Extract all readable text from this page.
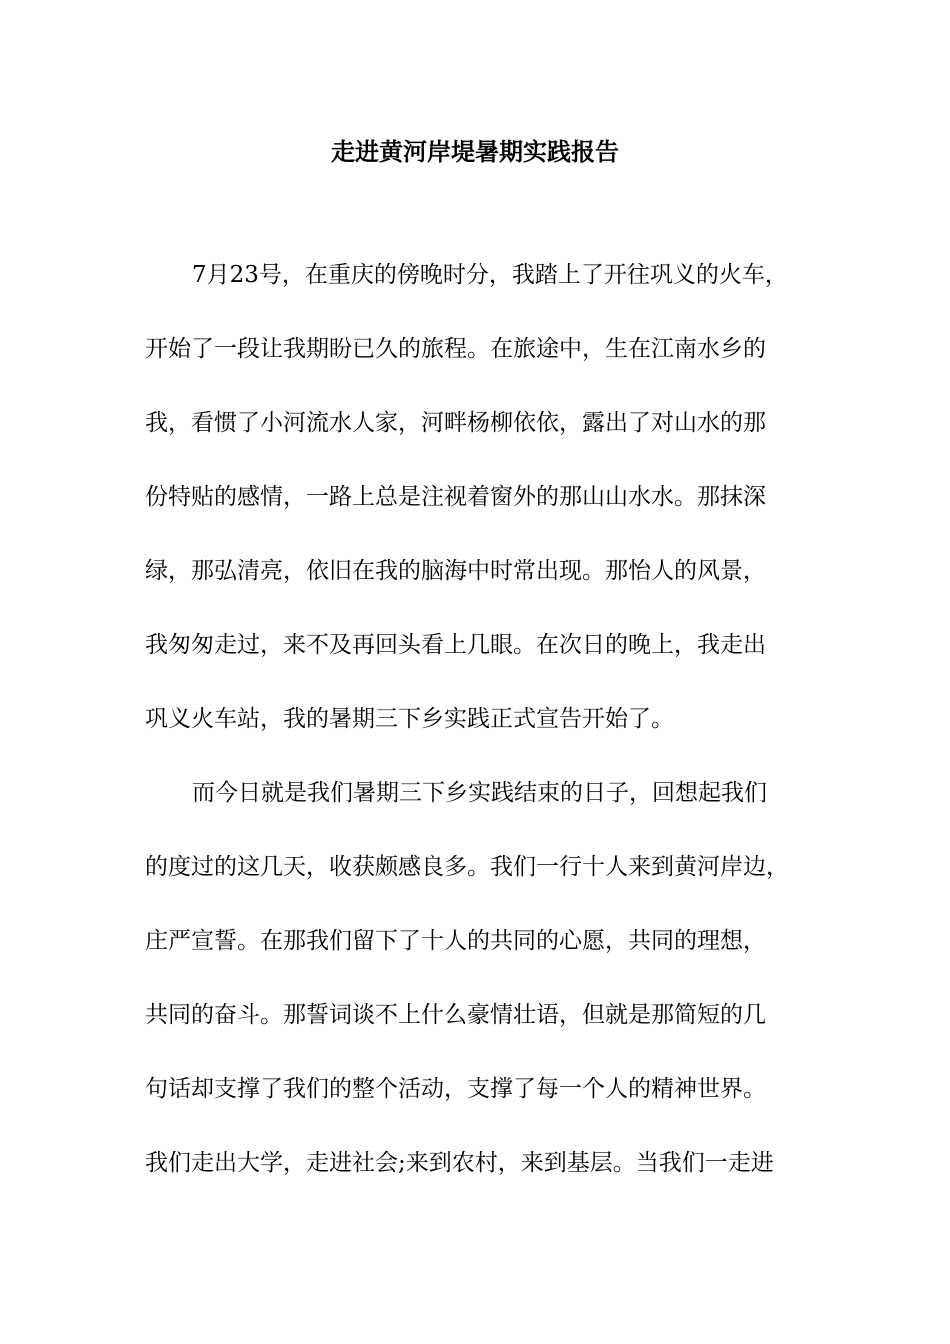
走进黄河岸堤暑期实践报告
7月23号，在重庆的傍晚时分，我踏上了开往巩义的火车，
开始了一段让我期盼已久的旅程。在旅途中，生在江南水乡的
我，看惯了小河流水人家，河畔杨柳依依，露出了对山水的那
份特贴的感情，一路上总是注视着窗外的那山山水水。那抹深
绿，那弘清亮，依旧在我的脑海中时常出现。那怡人的风景，
我匆匆走过，来不及再回头看上几眼。在次日的晚上，我走出
巩义火车站，我的暑期三下乡实践正式宣告开始了。
而今日就是我们暑期三下乡实践结束的日子，回想起我们
的度过的这几天，收获颇感良多。我们一行十人来到黄河岸边，
庄严宣誓。在那我们留下了十人的共同的心愿，共同的理想，
共同的奋斗。那誓词谈不上什么豪情壮语，但就是那简短的几
句话却支撑了我们的整个活动，支撑了每一个人的精神世界。
我们走出大学，走进社会;来到农村，来到基层。当我们一走进
